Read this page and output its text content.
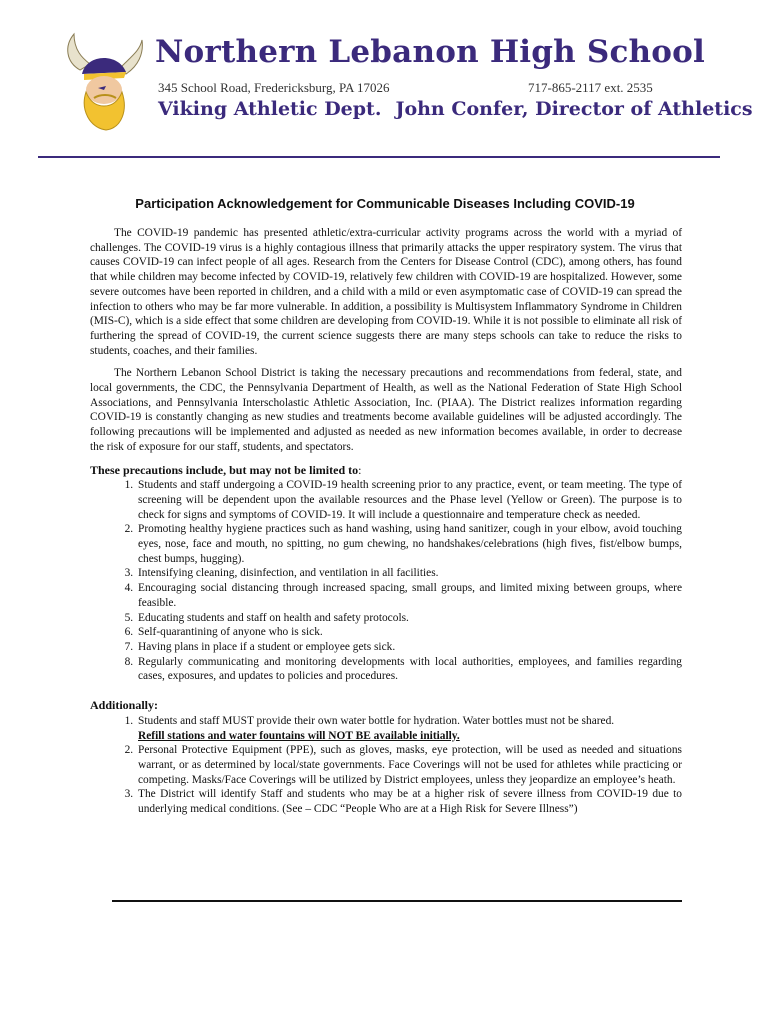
Northern Lebanon High School
345 School Road, Fredericksburg, PA 17026	717-865-2117 ext. 2535
Viking Athletic Dept. John Confer, Director of Athletics
Participation Acknowledgement for Communicable Diseases Including COVID-19

The COVID-19 pandemic has presented athletic/extra-curricular activity programs across the world with a myriad of challenges. The COVID-19 virus is a highly contagious illness that primarily attacks the upper respiratory system. The virus that causes COVID-19 can infect people of all ages. Research from the Centers for Disease Control (CDC), among others, has found that while children may become infected by COVID-19, relatively few children with COVID-19 are hospitalized. However, some severe outcomes have been reported in children, and a child with a mild or even asymptomatic case of COVID-19 can spread the infection to others who may be far more vulnerable. In addition, a possibility is Multisystem Inflammatory Syndrome in Children (MIS-C), which is a side effect that some children are developing from COVID-19. While it is not possible to eliminate all risk of furthering the spread of COVID-19, the current science suggests there are many steps schools can take to reduce the risks to students, coaches, and their families.

The Northern Lebanon School District is taking the necessary precautions and recommendations from federal, state, and local governments, the CDC, the Pennsylvania Department of Health, as well as the National Federation of State High School Associations, and Pennsylvania Interscholastic Athletic Association, Inc. (PIAA). The District realizes information regarding COVID-19 is constantly changing as new studies and treatments become available guidelines will be adjusted accordingly. The following precautions will be implemented and adjusted as needed as new information becomes available, in order to decrease the risk of exposure for our staff, students, and spectators.

These precautions include, but may not be limited to:
1. Students and staff undergoing a COVID-19 health screening prior to any practice, event, or team meeting. The type of screening will be dependent upon the available resources and the Phase level (Yellow or Green). The purpose is to check for signs and symptoms of COVID-19. It will include a questionnaire and temperature check as needed.
2. Promoting healthy hygiene practices such as hand washing, using hand sanitizer, cough in your elbow, avoid touching eyes, nose, face and mouth, no spitting, no gum chewing, no handshakes/celebrations (high fives, fist/elbow bumps, chest bumps, hugging).
3. Intensifying cleaning, disinfection, and ventilation in all facilities.
4. Encouraging social distancing through increased spacing, small groups, and limited mixing between groups, where feasible.
5. Educating students and staff on health and safety protocols.
6. Self-quarantining of anyone who is sick.
7. Having plans in place if a student or employee gets sick.
8. Regularly communicating and monitoring developments with local authorities, employees, and families regarding cases, exposures, and updates to policies and procedures.
Additionally:
1. Students and staff MUST provide their own water bottle for hydration. Water bottles must not be shared.
Refill stations and water fountains will NOT BE available initially.
2. Personal Protective Equipment (PPE), such as gloves, masks, eye protection, will be used as needed and situations warrant, or as determined by local/state governments. Face Coverings will not be used for athletes while practicing or competing. Masks/Face Coverings will be utilized by District employees, unless they jeopardize an employee’s heath.
3. The District will identify Staff and students who may be at a higher risk of severe illness from COVID-19 due to underlying medical conditions. (See – CDC “People Who are at a High Risk for Severe Illness”)
